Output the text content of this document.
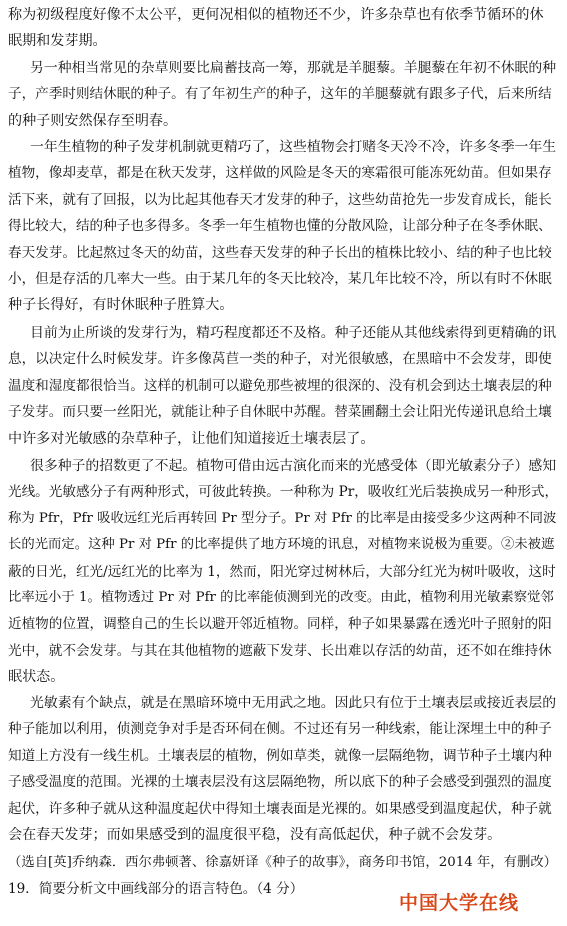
称为初级程度好像不太公平，更何况相似的植物还不少，许多杂草也有依季节循环的休
眠期和发芽期。
另一种相当常见的杂草则要比扁蓄技高一筹，那就是羊腿藜。羊腿藜在年初不休眠的种
子，产季时则结休眠的种子。有了年初生产的种子，这年的羊腿藜就有跟多子代，后来所结
的种子则安然保存至明春。
一年生植物的种子发芽机制就更精巧了，这些植物会打赌冬天冷不冷，许多冬季一年生
植物，像却麦草，都是在秋天发芽，这样做的风险是冬天的寒霜很可能冻死幼苗。但如果存
活下来，就有了回报，以为比起其他春天才发芽的种子，这些幼苗抢先一步发育成长，能长
得比较大，结的种子也多得多。冬季一年生植物也懂的分散风险，让部分种子在冬季休眠、
春天发芽。比起熬过冬天的幼苗，这些春天发芽的种子长出的植株比较小、结的种子也比较
小，但是存活的几率大一些。由于某几年的冬天比较冷，某几年比较不冷，所以有时不休眠
种子长得好，有时休眠种子胜算大。
目前为止所谈的发芽行为，精巧程度都还不及格。种子还能从其他线索得到更精确的讯
息，以决定什么时候发芽。许多像莴苣一类的种子，对光很敏感，在黑暗中不会发芽，即使
温度和湿度都很恰当。这样的机制可以避免那些被埋的很深的、没有机会到达土壤表层的种
子发芽。而只要一丝阳光，就能让种子自休眠中苏醒。替菜圃翻土会让阳光传递讯息给土壤
中许多对光敏感的杂草种子，让他们知道接近土壤表层了。
很多种子的招数更了不起。植物可借由远古演化而来的光感受体（即光敏素分子）感知
光线。光敏感分子有两种形式，可彼此转换。一种称为 Pr，吸收红光后装换成另一种形式，
称为 Pfr，Pfr 吸收远红光后再转回 Pr 型分子。Pr 对 Pfr 的比率是由接受多少这两种不同波
长的光而定。这种 Pr 对 Pfr 的比率提供了地方环境的讯息，对植物来说极为重要。②未被遮
蔽的日光，红光/远红光的比率为 1，然而，阳光穿过树林后，大部分红光为树叶吸收，这时
比率远小于 1。植物透过 Pr 对 Pfr 的比率能侦测到光的改变。由此，植物利用光敏素察觉邻
近植物的位置，调整自己的生长以避开邻近植物。同样，种子如果暴露在透光叶子照射的阳
光中，就不会发芽。与其在其他植物的遮蔽下发芽、长出难以存活的幼苗，还不如在维持休
眠状态。
光敏素有个缺点，就是在黑暗环境中无用武之地。因此只有位于土壤表层或接近表层的
种子能加以利用，侦测竞争对手是否环伺在侧。不过还有另一种线索，能让深埋土中的种子
知道上方没有一线生机。土壤表层的植物，例如草类，就像一层隔绝物，调节种子土壤内种
子感受温度的范围。光裸的土壤表层没有这层隔绝物，所以底下的种子会感受到强烈的温度
起伏，许多种子就从这种温度起伏中得知土壤表面是光裸的。如果感受到温度起伏，种子就
会在春天发芽；而如果感受到的温度很平稳，没有高低起伏，种子就不会发芽。
（选自[英]乔纳森．西尔弗顿著、徐嘉妍译《种子的故事》，商务印书馆，2014 年，有删改）
19．简要分析文中画线部分的语言特色。（4 分）
中国大学在线
